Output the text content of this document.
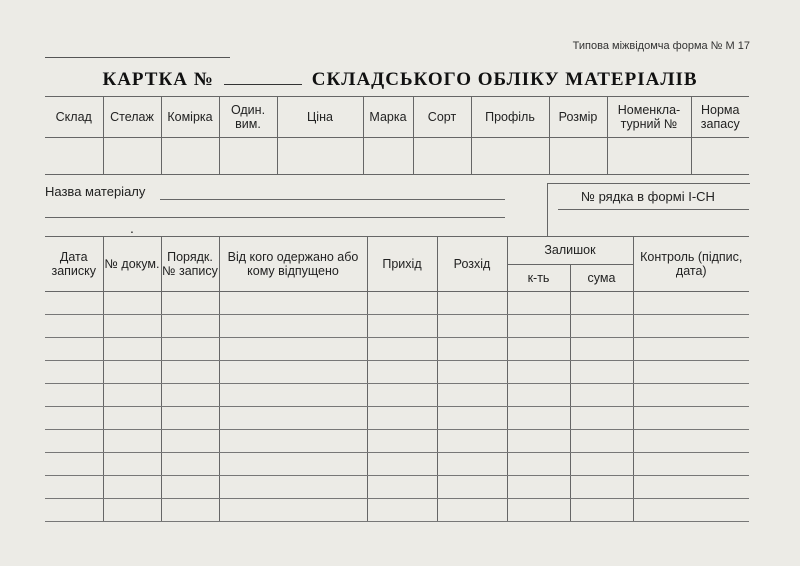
Типова міжвідомча форма № М 17
КАРТКА №	СКЛАДСЬКОГО ОБЛІКУ МАТЕРІАЛІВ
Склад	Стелаж	Комірка	Один. вим.	Ціна	Марка	Сорт	Профіль	Розмір	Номенкла- турний №	Норма запасу

Назва матеріалу
.
№ рядка в формі І-СН
Дата записку	№ докум.	Порядк. № запису	Від кого одержано або кому відпущено	Прихід	Розхід	Залишок		Контроль (підпис, дата)
						к-ть	сума	
